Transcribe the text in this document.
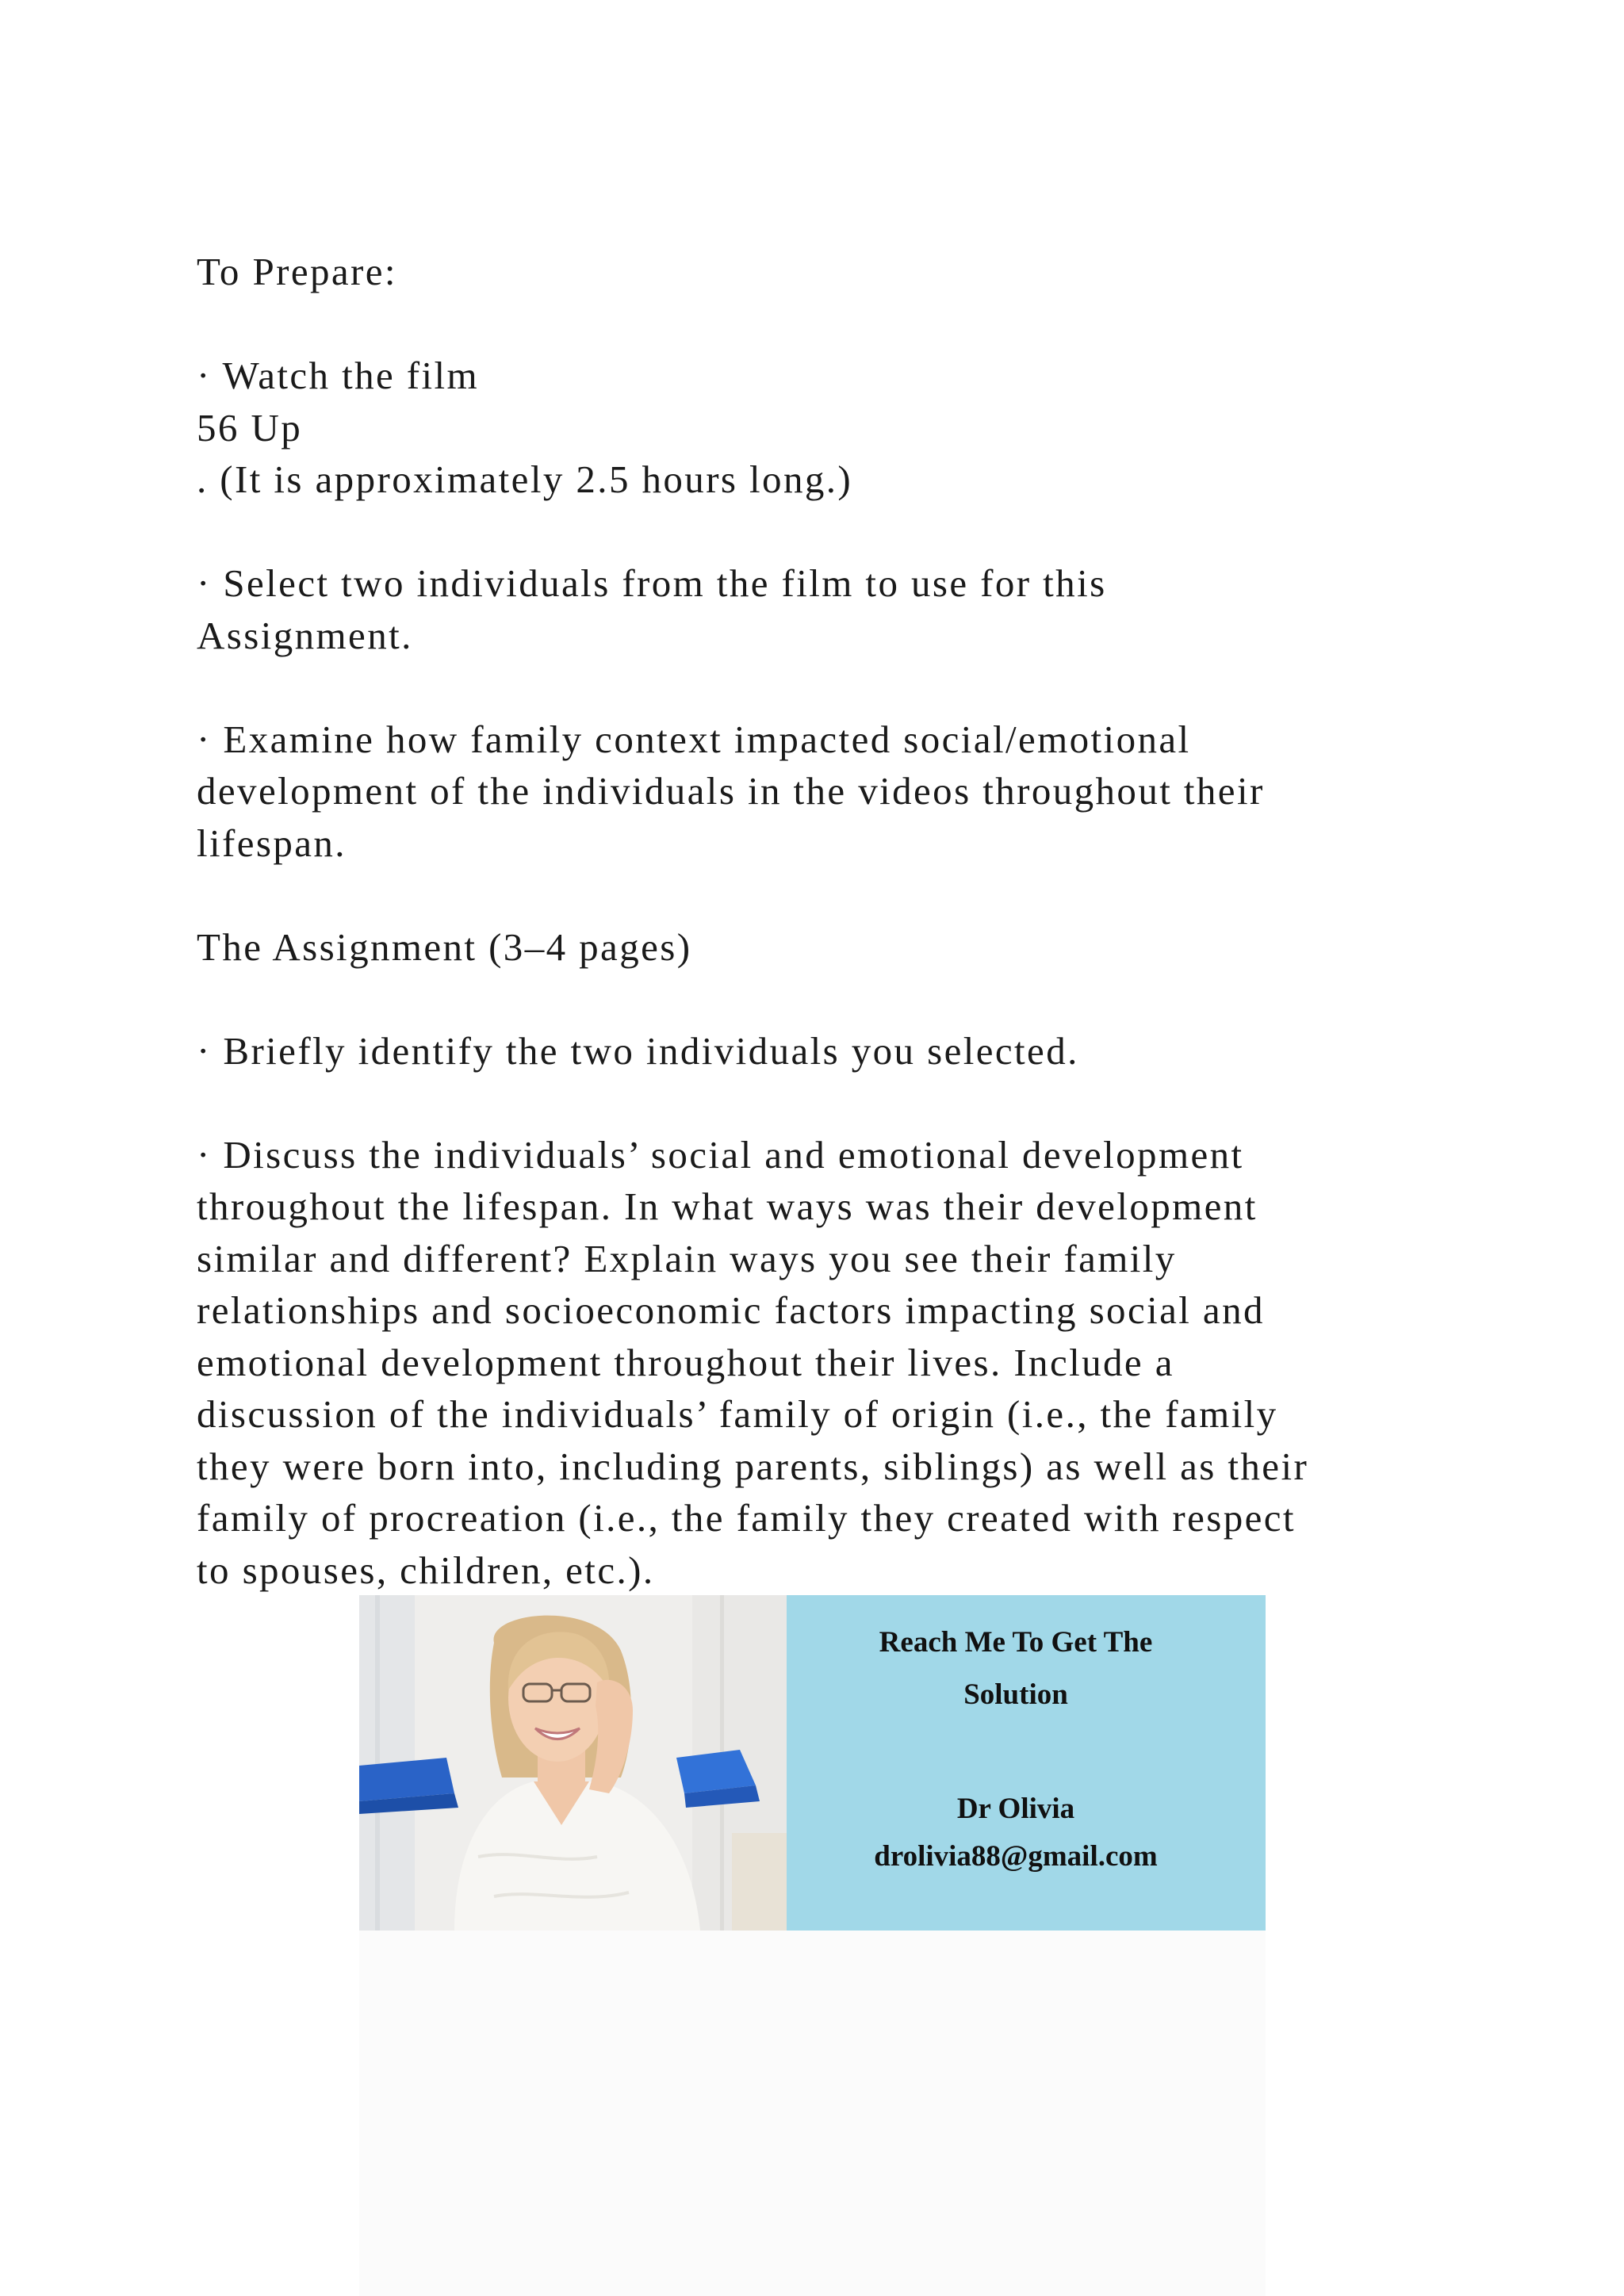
To Prepare:

· Watch the film

56 Up

. (It is approximately 2.5 hours long.)

· Select two individuals from the film to use for this

Assignment.

· Examine how family context impacted social/emotional

development of the individuals in the videos throughout their

lifespan.

The Assignment (3–4 pages)

· Briefly identify the two individuals you selected.

· Discuss the individuals’ social and emotional development

throughout the lifespan. In what ways was their development

similar and different? Explain ways you see their family

relationships and socioeconomic factors impacting social and

emotional development throughout their lives. Include a

discussion of the individuals’ family of origin (i.e., the family

they were born into, including parents, siblings) as well as their

family of procreation (i.e., the family they created with respect

to spouses, children, etc.).

Reach Me To Get The
Solution
Dr Olivia
drolivia88@gmail.com
